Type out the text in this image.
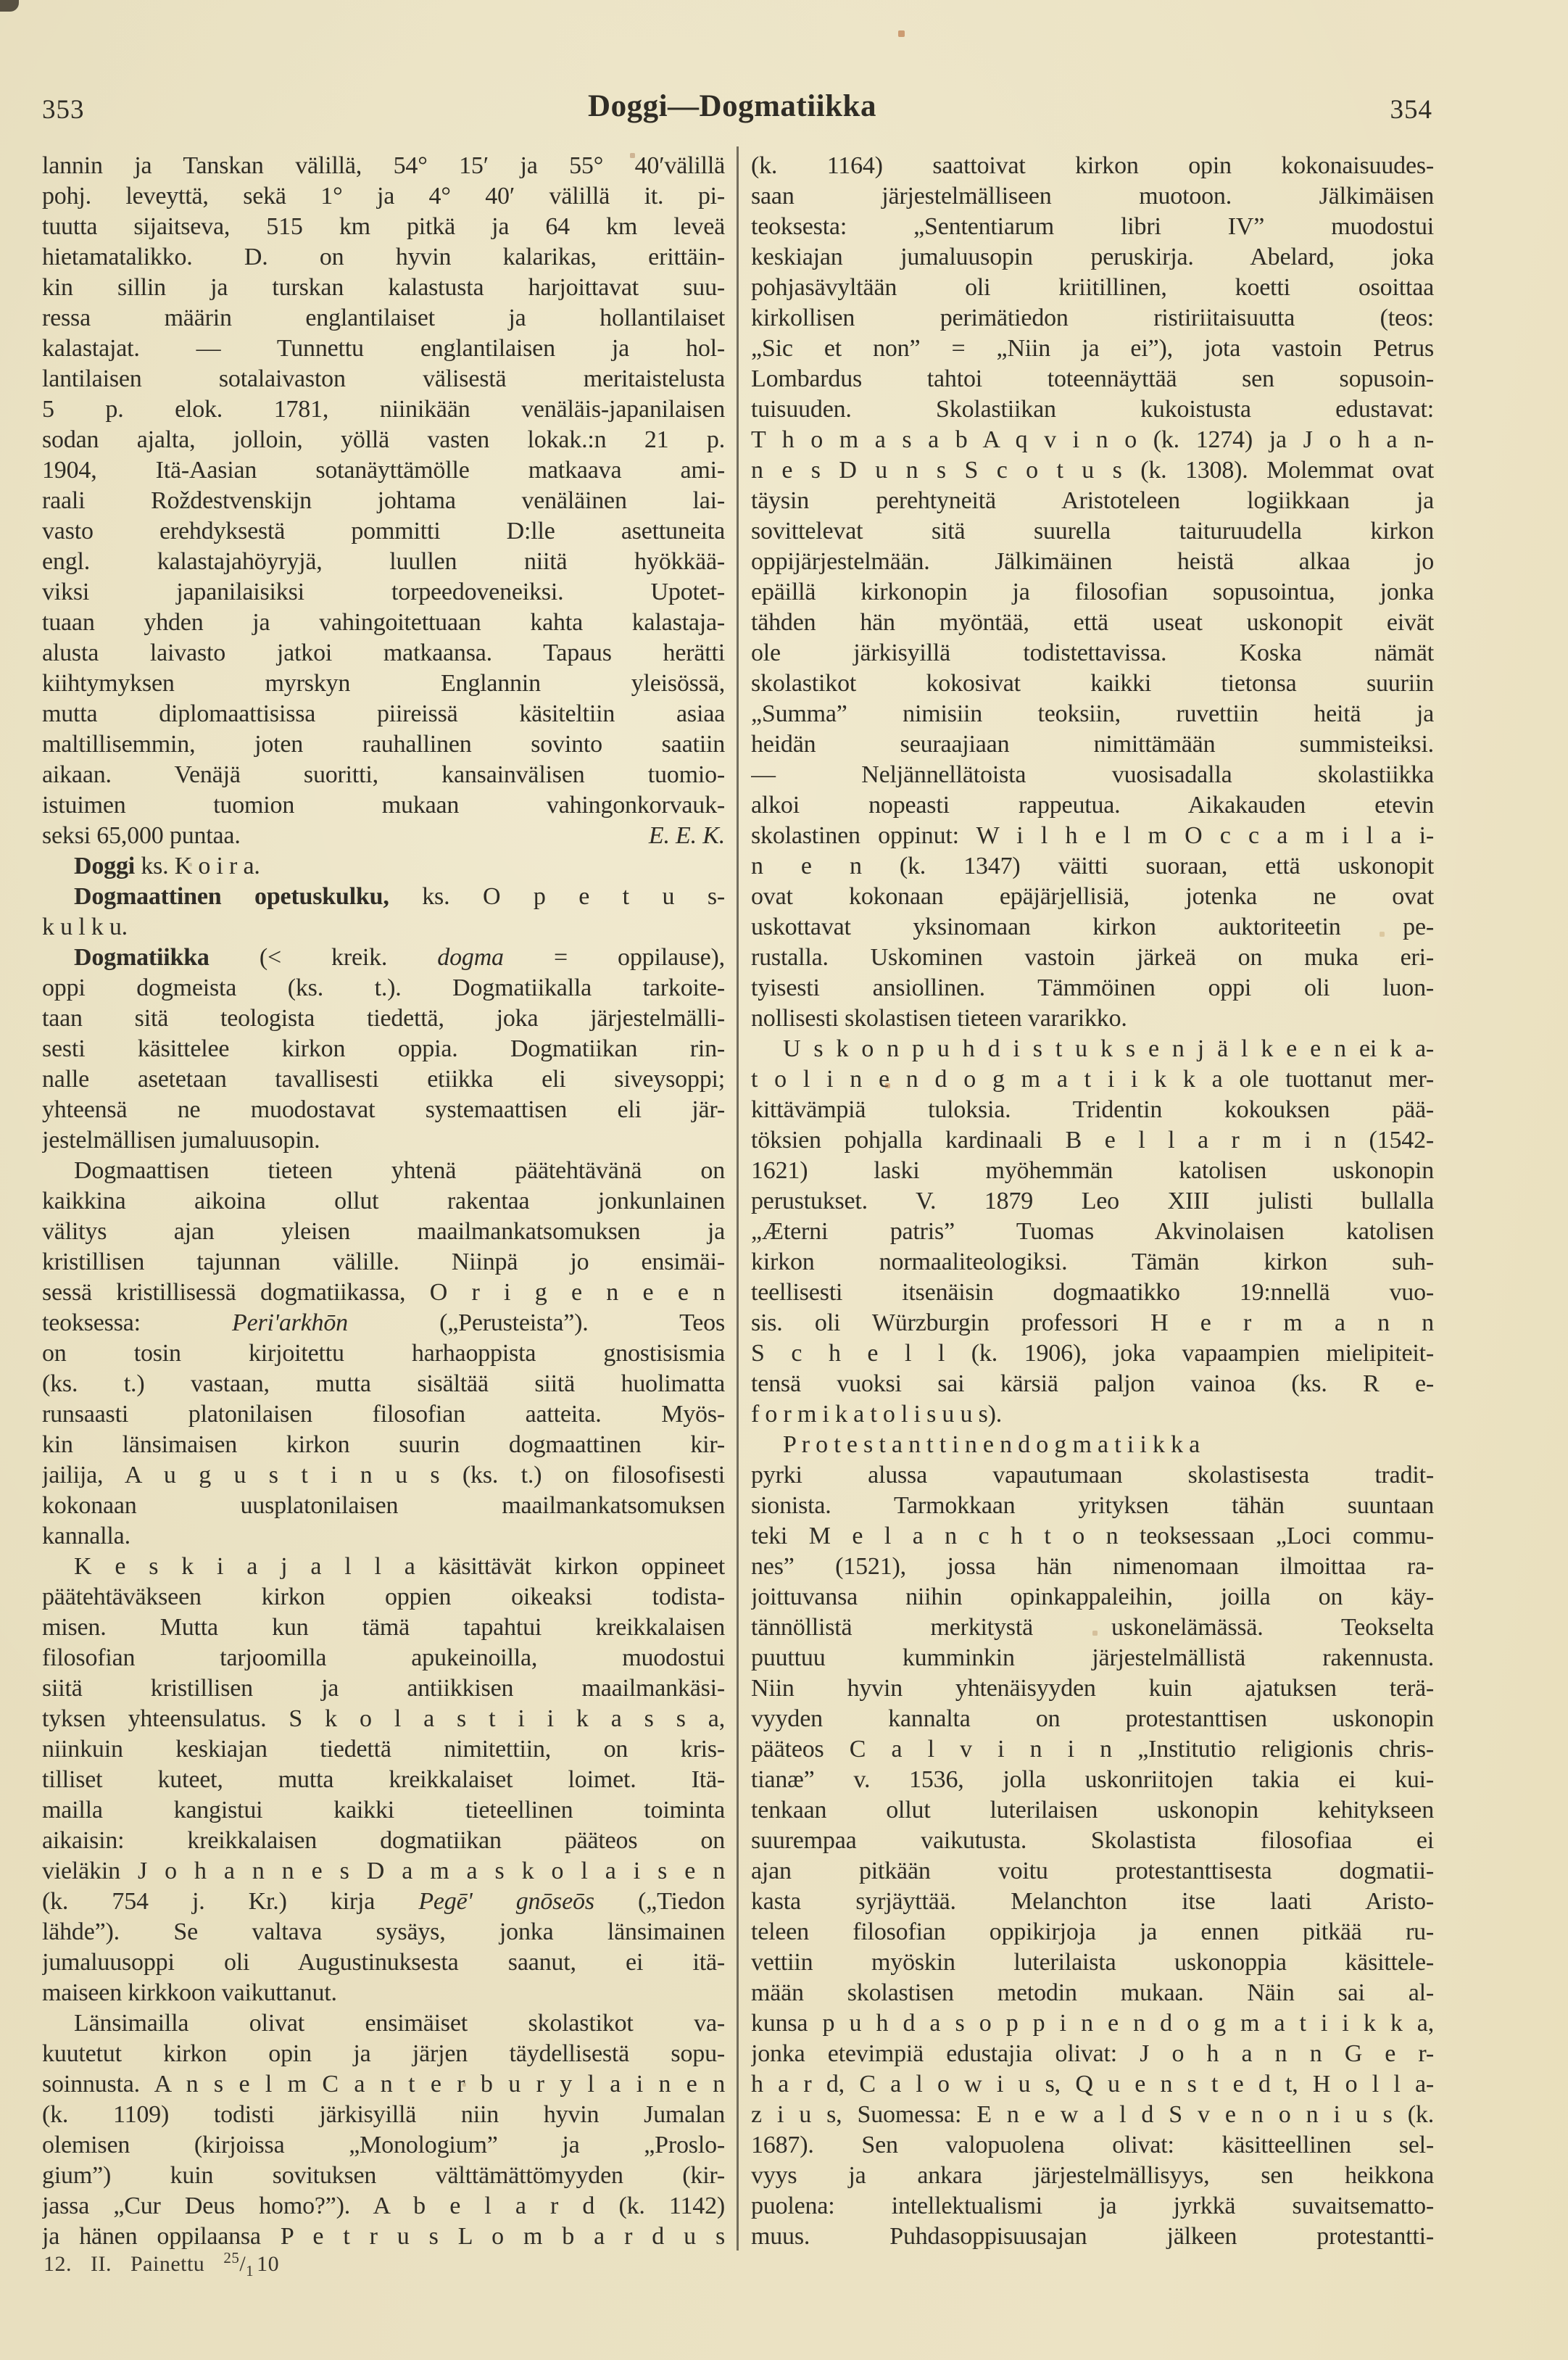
353	Doggi—Dogmatiikka	354
lannin ja Tanskan välillä, 54° 15′ ja 55° 40′välillä
pohj. leveyttä, sekä 1° ja 4° 40′ välillä it. pi-
tuutta sijaitseva, 515 km pitkä ja 64 km leveä
hietamatalikko. D. on hyvin kalarikas, erittäin-
kin sillin ja turskan kalastusta harjoittavat suu-
ressa määrin englantilaiset ja hollantilaiset
kalastajat. — Tunnettu englantilaisen ja hol-
lantilaisen sotalaivaston välisestä meritaistelusta
5 p. elok. 1781, niinikään venäläis-japanilaisen
sodan ajalta, jolloin, yöllä vasten lokak.:n 21 p.
1904, Itä-Aasian sotanäyttämölle matkaava ami-
raali Roždestvenskijn johtama venäläinen lai-
vasto erehdyksestä pommitti D:lle asettuneita
engl. kalastajahöyryjä, luullen niitä hyökkää-
viksi japanilaisiksi torpeedoveneiksi. Upotet-
tuaan yhden ja vahingoitettuaan kahta kalastaja-
alusta laivasto jatkoi matkaansa. Tapaus herätti
kiihtymyksen myrskyn Englannin yleisössä,
mutta diplomaattisissa piireissä käsiteltiin asiaa
maltillisemmin, joten rauhallinen sovinto saatiin
aikaan. Venäjä suoritti, kansainvälisen tuomio-
istuimen tuomion mukaan vahingonkorvauk-
seksi 65,000 puntaa.	E. E. K.
Doggi ks. K o i r a.
Dogmaattinen opetuskulku, ks. O p e t u s-
k u l k u.
Dogmatiikka (< kreik. dogma = oppilause),
oppi dogmeista (ks. t.). Dogmatiikalla tarkoite-
taan sitä teologista tiedettä, joka järjestelmälli-
sesti käsittelee kirkon oppia. Dogmatiikan rin-
nalle asetetaan tavallisesti etiikka eli siveysoppi;
yhteensä ne muodostavat systemaattisen eli jär-
jestelmällisen jumaluusopin.
Dogmaattisen tieteen yhtenä päätehtävänä on
kaikkina aikoina ollut rakentaa jonkunlainen
välitys ajan yleisen maailmankatsomuksen ja
kristillisen tajunnan välille. Niinpä jo ensimäi-
sessä kristillisessä dogmatiikassa, O r i g e n e e n
teoksessa: Peri'arkhōn („Perusteista”). Teos
on tosin kirjoitettu harhaoppista gnostisismia
(ks. t.) vastaan, mutta sisältää siitä huolimatta
runsaasti platonilaisen filosofian aatteita. Myös-
kin länsimaisen kirkon suurin dogmaattinen kir-
jailija, A u g u s t i n u s (ks. t.) on filosofisesti
kokonaan uusplatonilaisen maailmankatsomuksen
kannalla.
K e s k i a j a l l a käsittävät kirkon oppineet
päätehtäväkseen kirkon oppien oikeaksi todista-
misen. Mutta kun tämä tapahtui kreikkalaisen
filosofian tarjoomilla apukeinoilla, muodostui
siitä kristillisen ja antiikkisen maailmankäsi-
tyksen yhteensulatus. S k o l a s t i i k a s s a,
niinkuin keskiajan tiedettä nimitettiin, on kris-
tilliset kuteet, mutta kreikkalaiset loimet. Itä-
mailla kangistui kaikki tieteellinen toiminta
aikaisin: kreikkalaisen dogmatiikan pääteos on
vieläkin J o h a n n e s D a m a s k o l a i s e n
(k. 754 j. Kr.) kirja Pegē' gnōseōs („Tiedon
lähde”). Se valtava sysäys, jonka länsimainen
jumaluusoppi oli Augustinuksesta saanut, ei itä-
maiseen kirkkoon vaikuttanut.
Länsimailla olivat ensimäiset skolastikot va-
kuutetut kirkon opin ja järjen täydellisestä sopu-
soinnusta. A n s e l m C a n t e r b u r y l a i n e n
(k. 1109) todisti järkisyillä niin hyvin Jumalan
olemisen (kirjoissa „Monologium” ja „Proslo-
gium”) kuin sovituksen välttämättömyyden (kir-
jassa „Cur Deus homo?”). A b e l a r d (k. 1142)
ja hänen oppilaansa P e t r u s L o m b a r d u s
(k. 1164) saattoivat kirkon opin kokonaisuudes-
saan järjestelmälliseen muotoon. Jälkimäisen
teoksesta: „Sententiarum libri IV” muodostui
keskiajan jumaluusopin peruskirja. Abelard, joka
pohjasävyltään oli kriitillinen, koetti osoittaa
kirkollisen perimätiedon ristiriitaisuutta (teos:
„Sic et non” = „Niin ja ei”), jota vastoin Petrus
Lombardus tahtoi toteennäyttää sen sopusoin-
tuisuuden. Skolastiikan kukoistusta edustavat:
T h o m a s a b A q v i n o (k. 1274) ja J o h a n-
n e s D u n s S c o t u s (k. 1308). Molemmat ovat
täysin perehtyneitä Aristoteleen logiikkaan ja
sovittelevat sitä suurella taituruudella kirkon
oppijärjestelmään. Jälkimäinen heistä alkaa jo
epäillä kirkonopin ja filosofian sopusointua, jonka
tähden hän myöntää, että useat uskonopit eivät
ole järkisyillä todistettavissa. Koska nämät
skolastikot kokosivat kaikki tietonsa suuriin
„Summa” nimisiin teoksiin, ruvettiin heitä ja
heidän seuraajiaan nimittämään summisteiksi.
— Neljännellätoista vuosisadalla skolastiikka
alkoi nopeasti rappeutua. Aikakauden etevin
skolastinen oppinut: W i l h e l m O c c a m i l a i-
n e n (k. 1347) väitti suoraan, että uskonopit
ovat kokonaan epäjärjellisiä, jotenka ne ovat
uskottavat yksinomaan kirkon auktoriteetin pe-
rustalla. Uskominen vastoin järkeä on muka eri-
tyisesti ansiollinen. Tämmöinen oppi oli luon-
nollisesti skolastisen tieteen vararikko.
U s k o n p u h d i s t u k s e n j ä l k e e n ei k a-
t o l i n e n d o g m a t i i k k a ole tuottanut mer-
kittävämpiä tuloksia. Tridentin kokouksen pää-
töksien pohjalla kardinaali B e l l a r m i n (1542-
1621) laski myöhemmän katolisen uskonopin
perustukset. V. 1879 Leo XIII julisti bullalla
„Æterni patris” Tuomas Akvinolaisen katolisen
kirkon normaaliteologiksi. Tämän kirkon suh-
teellisesti itsenäisin dogmaatikko 19:nnellä vuo-
sis. oli Würzburgin professori H e r m a n n
S c h e l l (k. 1906), joka vapaampien mielipiteit-
tensä vuoksi sai kärsiä paljon vainoa (ks. R e-
f o r m i k a t o l i s u u s).
P r o t e s t a n t t i n e n d o g m a t i i k k a
pyrki alussa vapautumaan skolastisesta tradit-
sionista. Tarmokkaan yrityksen tähän suuntaan
teki M e l a n c h t o n teoksessaan „Loci commu-
nes” (1521), jossa hän nimenomaan ilmoittaa ra-
joittuvansa niihin opinkappaleihin, joilla on käy-
tännöllistä merkitystä uskonelämässä. Teokselta
puuttuu kumminkin järjestelmällistä rakennusta.
Niin hyvin yhtenäisyyden kuin ajatuksen terä-
vyyden kannalta on protestanttisen uskonopin
pääteos C a l v i n i n „Institutio religionis chris-
tianæ” v. 1536, jolla uskonriitojen takia ei kui-
tenkaan ollut luterilaisen uskonopin kehitykseen
suurempaa vaikutusta. Skolastista filosofiaa ei
ajan pitkään voitu protestanttisesta dogmatii-
kasta syrjäyttää. Melanchton itse laati Aristo-
teleen filosofian oppikirjoja ja ennen pitkää ru-
vettiin myöskin luterilaista uskonoppia käsittele-
mään skolastisen metodin mukaan. Näin sai al-
kunsa p u h d a s o p p i n e n d o g m a t i i k k a,
jonka etevimpiä edustajia olivat: J o h a n n G e r-
h a r d, C a l o w i u s, Q u e n s t e d t, H o l l a-
z i u s, Suomessa: E n e w a l d S v e n o n i u s (k.
1687). Sen valopuolena olivat: käsitteellinen sel-
vyys ja ankara järjestelmällisyys, sen heikkona
puolena: intellektualismi ja jyrkkä suvaitsematto-
muus. Puhdasoppisuusajan jälkeen protestantti-
12. II. Painettu $^{25}/_1$ 10
